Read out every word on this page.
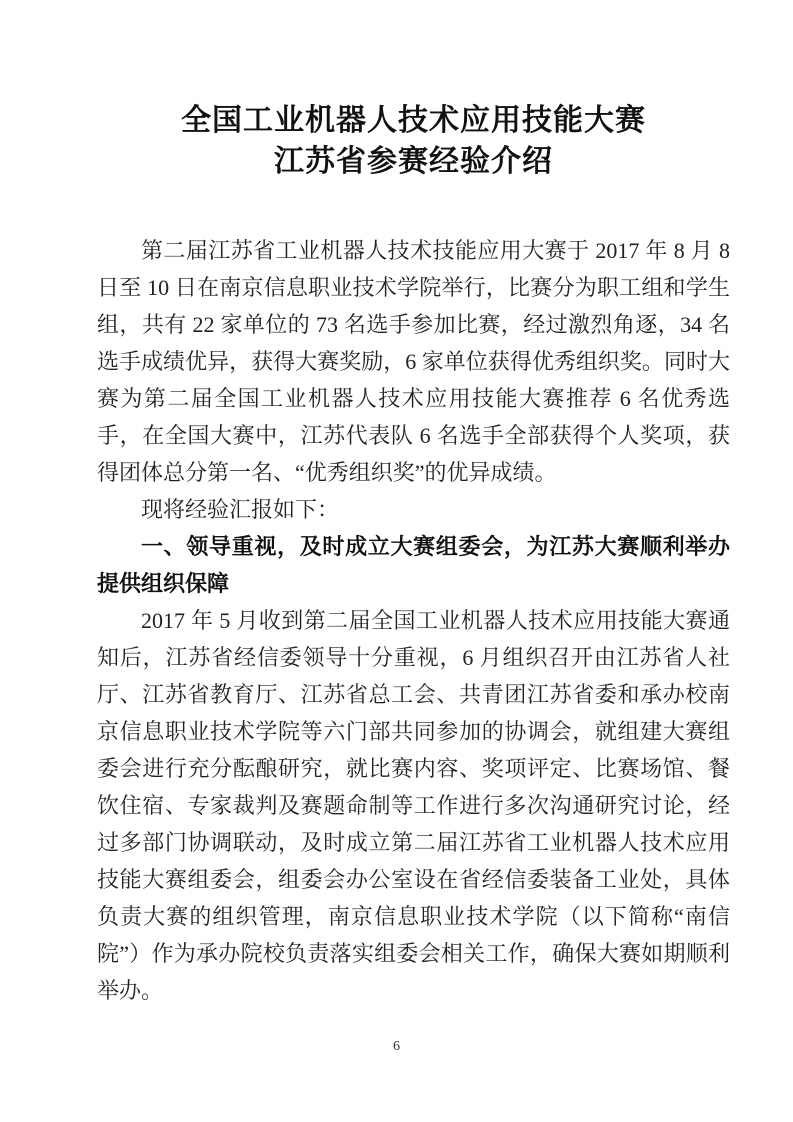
全国工业机器人技术应用技能大赛
江苏省参赛经验介绍
第二届江苏省工业机器人技术技能应用大赛于 2017 年 8 月 8 日至 10 日在南京信息职业技术学院举行，比赛分为职工组和学生组，共有 22 家单位的 73 名选手参加比赛，经过激烈角逐，34 名选手成绩优异，获得大赛奖励，6 家单位获得优秀组织奖。同时大赛为第二届全国工业机器人技术应用技能大赛推荐 6 名优秀选手，在全国大赛中，江苏代表队 6 名选手全部获得个人奖项，获得团体总分第一名、“优秀组织奖”的优异成绩。
现将经验汇报如下：
一、领导重视，及时成立大赛组委会，为江苏大赛顺利举办提供组织保障
2017 年 5 月收到第二届全国工业机器人技术应用技能大赛通知后，江苏省经信委领导十分重视，6 月组织召开由江苏省人社厅、江苏省教育厅、江苏省总工会、共青团江苏省委和承办校南京信息职业技术学院等六门部共同参加的协调会，就组建大赛组委会进行充分酝酿研究，就比赛内容、奖项评定、比赛场馆、餐饮住宿、专家裁判及赛题命制等工作进行多次沟通研究讨论，经过多部门协调联动，及时成立第二届江苏省工业机器人技术应用技能大赛组委会，组委会办公室设在省经信委装备工业处，具体负责大赛的组织管理，南京信息职业技术学院（以下简称“南信院”）作为承办院校负责落实组委会相关工作，确保大赛如期顺利举办。
6
